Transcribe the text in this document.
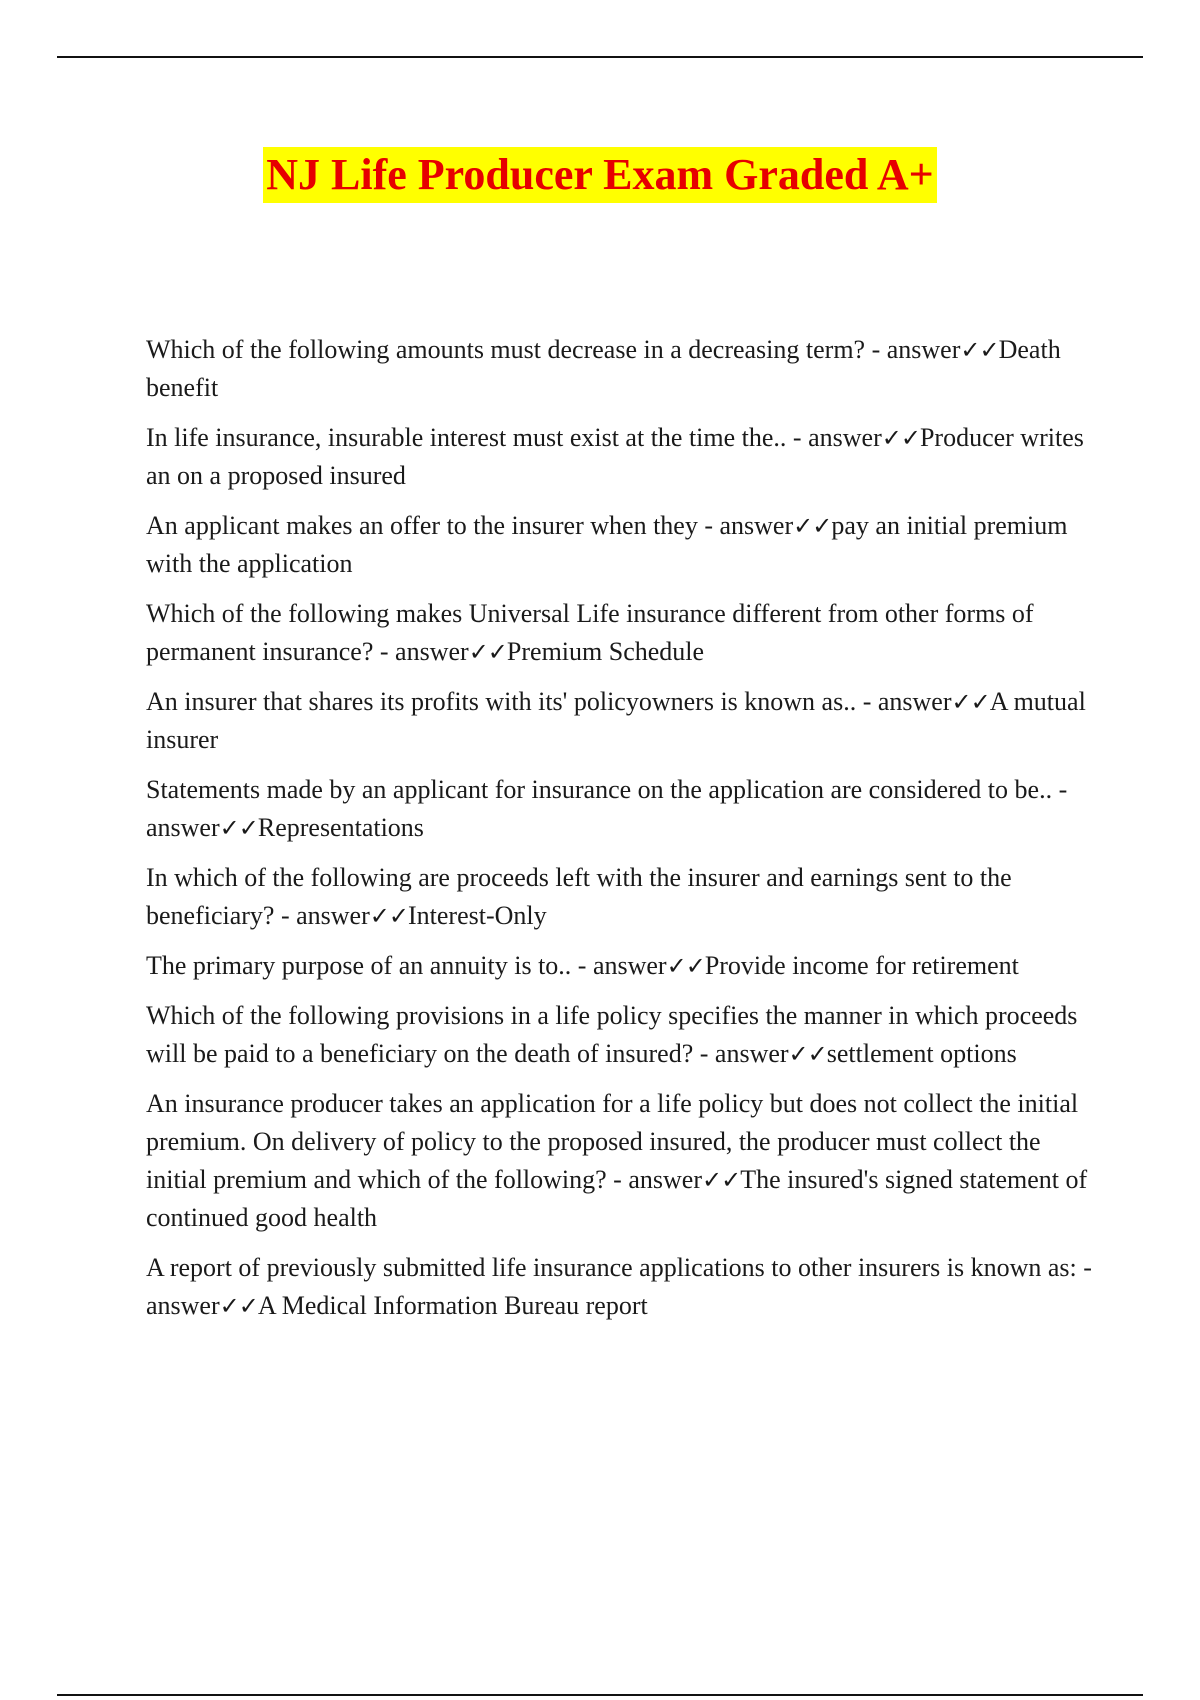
NJ Life Producer Exam Graded A+

Which of the following amounts must decrease in a decreasing term? - answer✓✓Death benefit

In life insurance, insurable interest must exist at the time the.. - answer✓✓Producer writes an on a proposed insured

An applicant makes an offer to the insurer when they - answer✓✓pay an initial premium with the application

Which of the following makes Universal Life insurance different from other forms of permanent insurance? - answer✓✓Premium Schedule

An insurer that shares its profits with its' policyowners is known as.. - answer✓✓A mutual insurer

Statements made by an applicant for insurance on the application are considered to be.. - answer✓✓Representations

In which of the following are proceeds left with the insurer and earnings sent to the beneficiary? - answer✓✓Interest-Only

The primary purpose of an annuity is to.. - answer✓✓Provide income for retirement

Which of the following provisions in a life policy specifies the manner in which proceeds will be paid to a beneficiary on the death of insured? - answer✓✓settlement options

An insurance producer takes an application for a life policy but does not collect the initial premium. On delivery of policy to the proposed insured, the producer must collect the initial premium and which of the following? - answer✓✓The insured's signed statement of continued good health

A report of previously submitted life insurance applications to other insurers is known as: - answer✓✓A Medical Information Bureau report
